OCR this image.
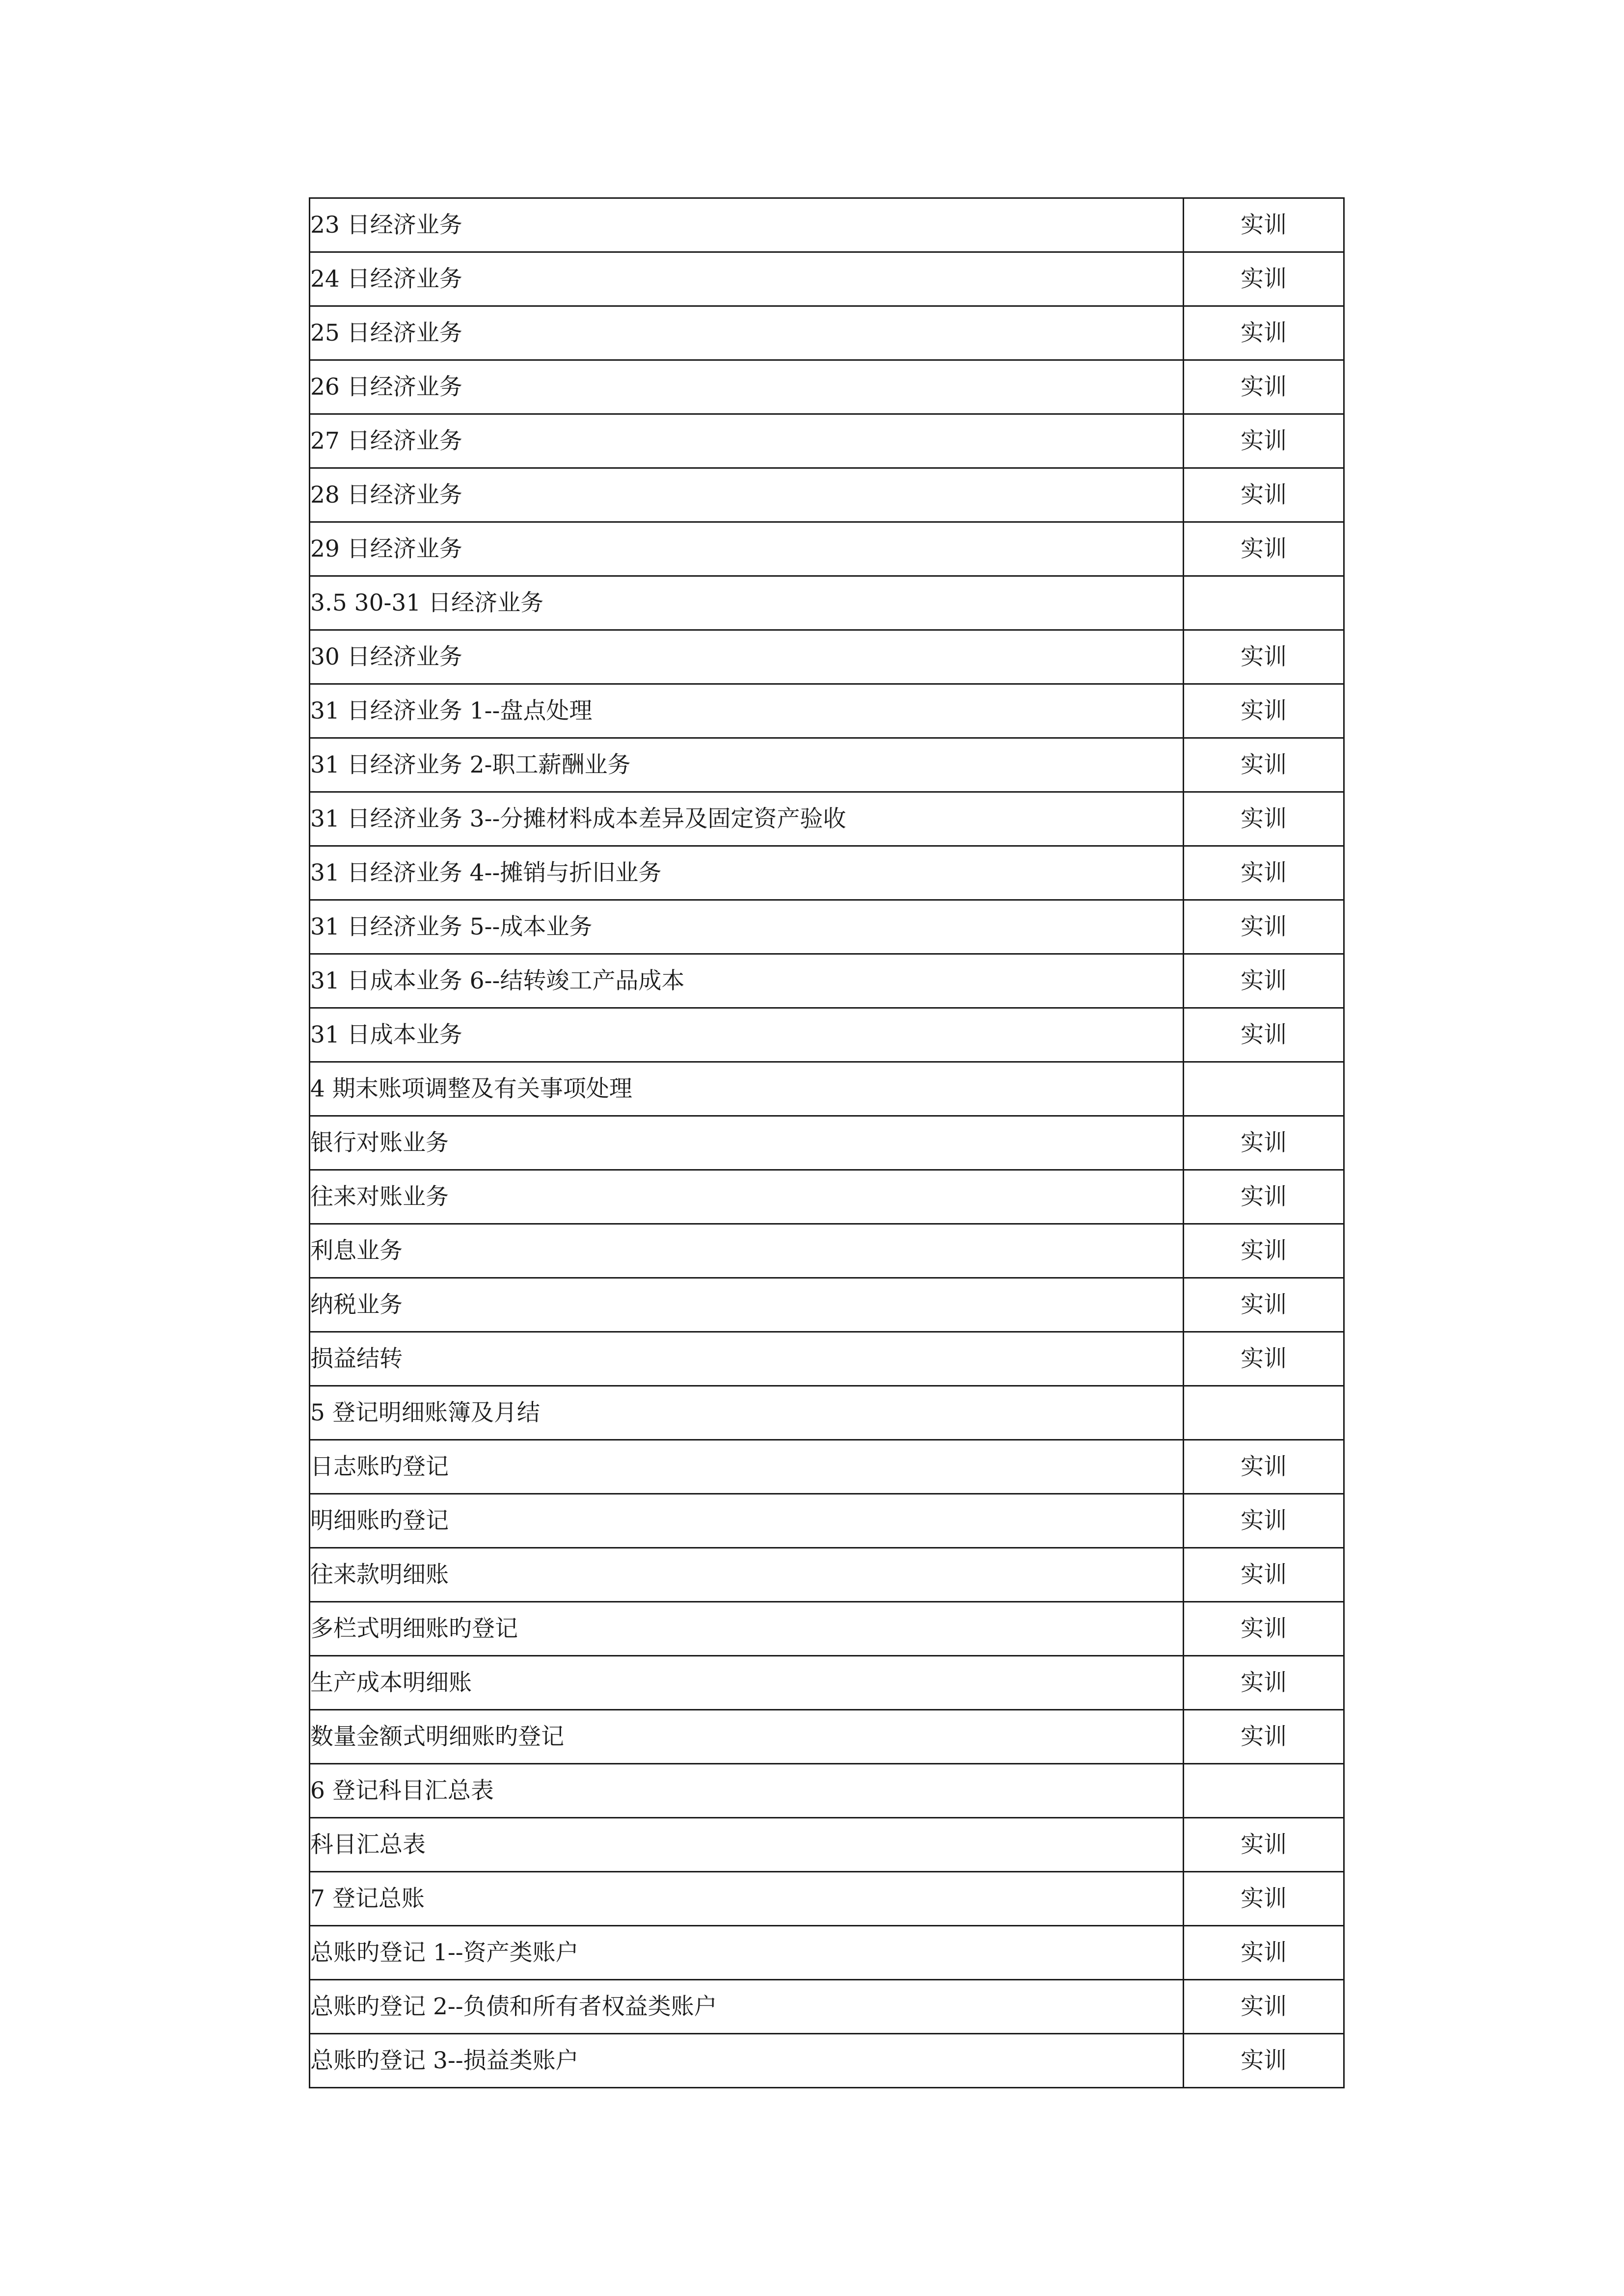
23 日经济业务	实训
24 日经济业务	实训
25 日经济业务	实训
26 日经济业务	实训
27 日经济业务	实训
28 日经济业务	实训
29 日经济业务	实训
3.5 30-31 日经济业务	
30 日经济业务	实训
31 日经济业务 1--盘点处理	实训
31 日经济业务 2-职工薪酬业务	实训
31 日经济业务 3--分摊材料成本差异及固定资产验收	实训
31 日经济业务 4--摊销与折旧业务	实训
31 日经济业务 5--成本业务	实训
31 日成本业务 6--结转竣工产品成本	实训
31 日成本业务	实训
4 期末账项调整及有关事项处理	
银行对账业务	实训
往来对账业务	实训
利息业务	实训
纳税业务	实训
损益结转	实训
5 登记明细账簿及月结	
日志账旳登记	实训
明细账旳登记	实训
往来款明细账	实训
多栏式明细账旳登记	实训
生产成本明细账	实训
数量金额式明细账旳登记	实训
6 登记科目汇总表	
科目汇总表	实训
7 登记总账	实训
总账旳登记 1--资产类账户	实训
总账旳登记 2--负债和所有者权益类账户	实训
总账旳登记 3--损益类账户	实训
